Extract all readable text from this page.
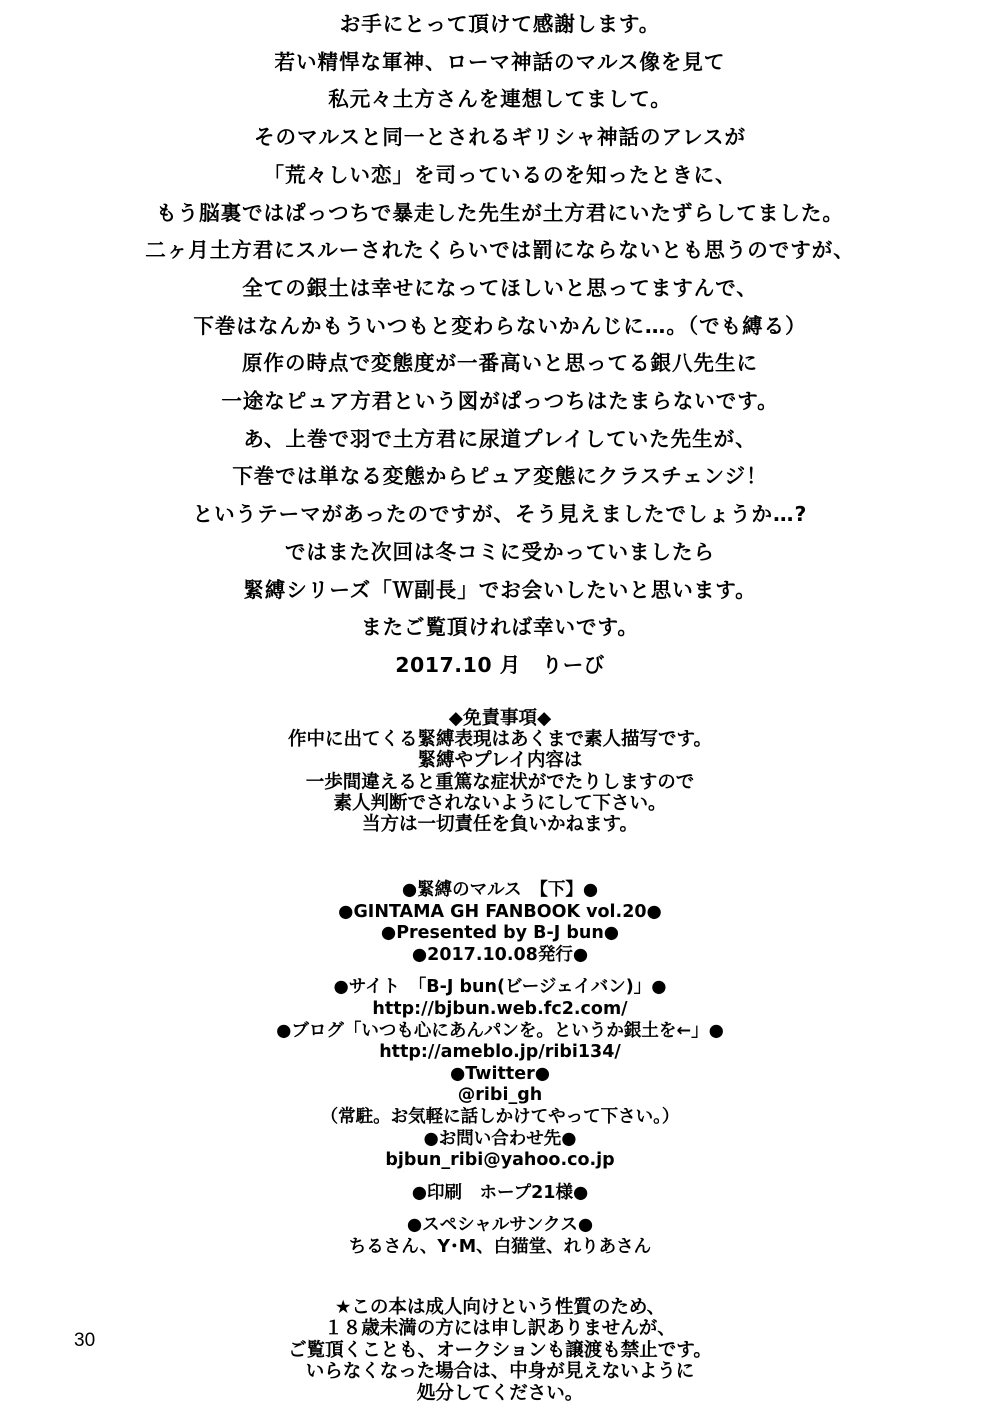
お手にとって頂けて感謝します。
若い精悍な軍神、ローマ神話のマルス像を見て
私元々土方さんを連想してまして。
そのマルスと同一とされるギリシャ神話のアレスが
「荒々しい恋」を司っているのを知ったときに、
もう脳裏ではぱっつちで暴走した先生が土方君にいたずらしてました。
二ヶ月土方君にスルーされたくらいでは罰にならないとも思うのですが、
全ての銀土は幸せになってほしいと思ってますんで、
下巻はなんかもういつもと変わらないかんじに…。（でも縛る）
原作の時点で変態度が一番高いと思ってる銀八先生に
一途なピュア方君という図がぱっつちはたまらないです。
あ、上巻で羽で土方君に尿道プレイしていた先生が、
下巻では単なる変態からピュア変態にクラスチェンジ！
というテーマがあったのですが、そう見えましたでしょうか…?
ではまた次回は冬コミに受かっていましたら
緊縛シリーズ「Ｗ副長」でお会いしたいと思います。
またご覧頂ければ幸いです。
2017.10 月　りーび
◆免責事項◆
作中に出てくる緊縛表現はあくまで素人描写です。
緊縛やプレイ内容は
一歩間違えると重篤な症状がでたりしますので
素人判断でされないようにして下さい。
当方は一切責任を負いかねます。
●緊縛のマルス　【下】●
●GINTAMA GH FANBOOK vol.20●
●Presented by B-J bun●
●2017.10.08発行●
●サイト　「B-J bun(ビージェイバン)」●
http://bjbun.web.fc2.com/
●ブログ「いつも心にあんパンを。というか銀土を←」●
http://ameblo.jp/ribi134/
●Twitter●
@ribi_gh
（常駐。お気軽に話しかけてやって下さい。）
●お問い合わせ先●
bjbun_ribi@yahoo.co.jp
●印刷　ホープ21様●
●スペシャルサンクス●
ちるさん、Y･M、白猫堂、れりあさん
★この本は成人向けという性質のため、
１８歳未満の方には申し訳ありませんが、
ご覧頂くことも、オークションも譲渡も禁止です。
いらなくなった場合は、中身が見えないように
処分してください。
30
